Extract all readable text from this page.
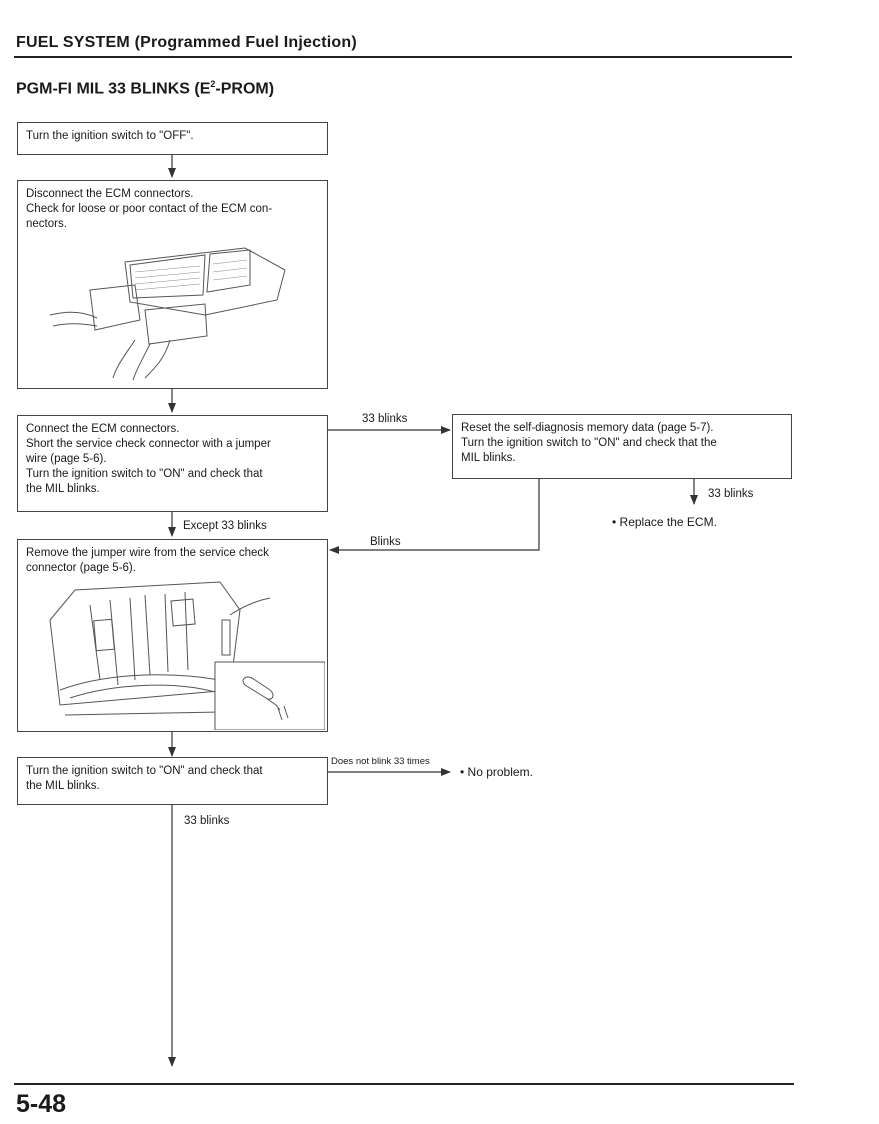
FUEL SYSTEM (Programmed Fuel Injection)
PGM-FI MIL 33 BLINKS $(E^2-PROM)$
Turn the ignition switch to "OFF".
Disconnect the ECM connectors.
Check for loose or poor contact of the ECM con-
nectors.
Connect the ECM connectors.
Short the service check connector with a jumper
wire (page 5-6).
Turn the ignition switch to "ON" and check that
the MIL blinks.
33 blinks
Reset the self-diagnosis memory data (page 5-7).
Turn the ignition switch to "ON" and check that the
MIL blinks.
33 blinks
• Replace the ECM.
Except 33 blinks
Blinks
Remove the jumper wire from the service check
connector (page 5-6).
Turn the ignition switch to "ON" and check that
the MIL blinks.
Does not blink 33 times
• No problem.
33 blinks
5-48
